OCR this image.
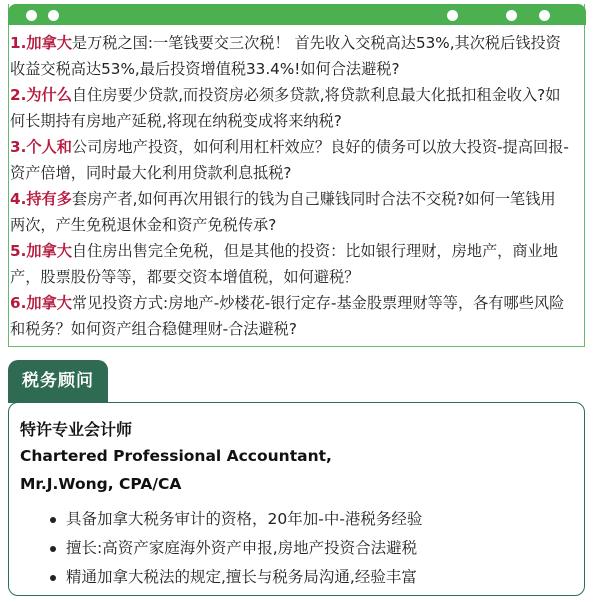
1.加拿大是万税之国:一笔钱要交三次税！ 首先收入交税高达53%,其次税后钱投资收益交税高达53%,最后投资增值税33.4%!如何合法避税?

2.为什么自住房要少贷款,而投资房必须多贷款,将贷款利息最大化抵扣租金收入?如何长期持有房地产延税,将现在纳税变成将来纳税?

3.个人和公司房地产投资，如何利用杠杆效应？良好的债务可以放大投资-提高回报-资产倍增，同时最大化利用贷款利息抵税?

4.持有多套房产者,如何再次用银行的钱为自己赚钱同时合法不交税?如何一笔钱用两次，产生免税退休金和资产免税传承?

5.加拿大自住房出售完全免税，但是其他的投资：比如银行理财，房地产，商业地产，股票股份等等，都要交资本增值税，如何避税？

6.加拿大常见投资方式:房地产-炒楼花-银行定存-基金股票理财等等，各有哪些风险和税务？如何资产组合稳健理财-合法避税?

税务顾问
特许专业会计师
Chartered Professional Accountant,
Mr.J.Wong, CPA/CA
具备加拿大税务审计的资格，20年加-中-港税务经验
擅长:高资产家庭海外资产申报,房地产投资合法避税
精通加拿大税法的规定,擅长与税务局沟通,经验丰富
